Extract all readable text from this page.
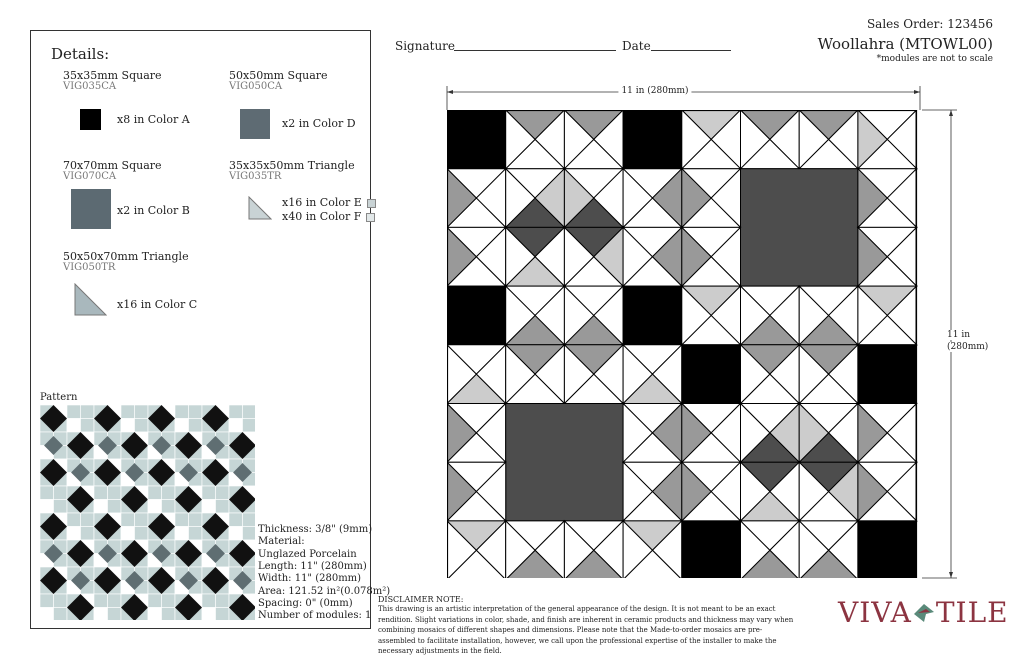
Details:
35x35mm Square
VIG035CA
x8 in Color A
50x50mm Square
VIG050CA
x2 in Color D
70x70mm Square
VIG070CA
x2 in Color B
35x35x50mm Triangle
VIG035TR
x16 in Color E
x40 in Color F
50x50x70mm Triangle
VIG050TR
x16 in Color C
Pattern
Thickness: 3/8" (9mm)
Material:
Unglazed Porcelain
Length: 11" (280mm)
Width: 11" (280mm)
Area: 121.52 in²(0.078m²)
Spacing: 0" (0mm)
Number of modules: 1
Signature	Date
Sales Order: 123456
Woollahra (MTOWL00)
*modules are not to scale
11 in (280mm)
11 in
(280mm)
DISCLAIMER NOTE:
This drawing is an artistic interpretation of the general appearance of the design. It is not meant to be an exact rendition. Slight variations in color, shade, and finish are inherent in ceramic products and thickness may vary when combining mosaics of different shapes and dimensions. Please note that the Made-to-order mosaics are pre-assembled to facilitate installation, however, we call upon the professional expertise of the installer to make the necessary adjustments in the field.
VIVA TILE
